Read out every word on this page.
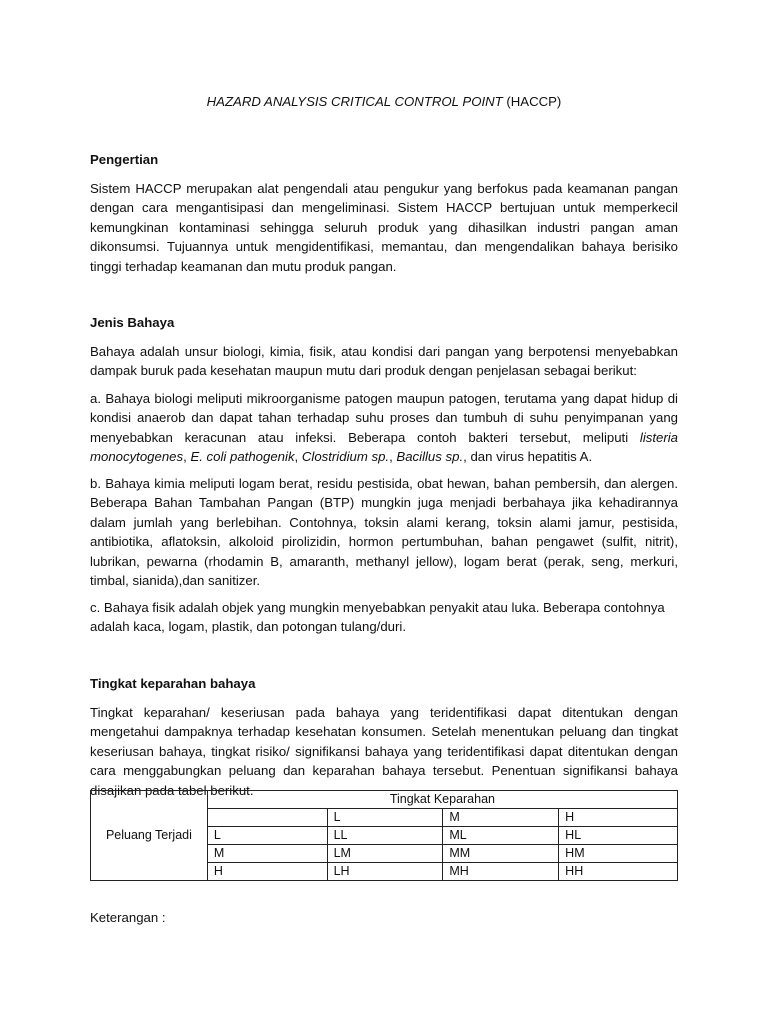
HAZARD ANALYSIS CRITICAL CONTROL POINT (HACCP)
Pengertian
Sistem HACCP merupakan alat pengendali atau pengukur yang berfokus pada keamanan pangan dengan cara mengantisipasi dan mengeliminasi. Sistem HACCP bertujuan untuk memperkecil kemungkinan kontaminasi sehingga seluruh produk yang dihasilkan industri pangan aman dikonsumsi. Tujuannya untuk mengidentifikasi, memantau, dan mengendalikan bahaya berisiko tinggi terhadap keamanan dan mutu produk pangan.
Jenis Bahaya
Bahaya adalah unsur biologi, kimia, fisik, atau kondisi dari pangan yang berpotensi menyebabkan dampak buruk pada kesehatan maupun mutu dari produk dengan penjelasan sebagai berikut:
a. Bahaya biologi meliputi mikroorganisme patogen maupun patogen, terutama yang dapat hidup di kondisi anaerob dan dapat tahan terhadap suhu proses dan tumbuh di suhu penyimpanan yang menyebabkan keracunan atau infeksi. Beberapa contoh bakteri tersebut, meliputi listeria monocytogenes, E. coli pathogenik, Clostridium sp., Bacillus sp., dan virus hepatitis A.
b. Bahaya kimia meliputi logam berat, residu pestisida, obat hewan, bahan pembersih, dan alergen. Beberapa Bahan Tambahan Pangan (BTP) mungkin juga menjadi berbahaya jika kehadirannya dalam jumlah yang berlebihan. Contohnya, toksin alami kerang, toksin alami jamur, pestisida, antibiotika, aflatoksin, alkoloid pirolizidin, hormon pertumbuhan, bahan pengawet (sulfit, nitrit), lubrikan, pewarna (rhodamin B, amaranth, methanyl jellow), logam berat (perak, seng, merkuri, timbal, sianida),dan sanitizer.
c. Bahaya fisik adalah objek yang mungkin menyebabkan penyakit atau luka. Beberapa contohnya adalah kaca, logam, plastik, dan potongan tulang/duri.
Tingkat keparahan bahaya
Tingkat keparahan/ keseriusan pada bahaya yang teridentifikasi dapat ditentukan dengan mengetahui dampaknya terhadap kesehatan konsumen. Setelah menentukan peluang dan tingkat keseriusan bahaya, tingkat risiko/ signifikansi bahaya yang teridentifikasi dapat ditentukan dengan cara menggabungkan peluang dan keparahan bahaya tersebut. Penentuan signifikansi bahaya disajikan pada tabel berikut.
Peluang Terjadi	Tingkat Keparahan			
		L	M	H
	L	LL	ML	HL
	M	LM	MM	HM
	H	LH	MH	HH
Keterangan :
